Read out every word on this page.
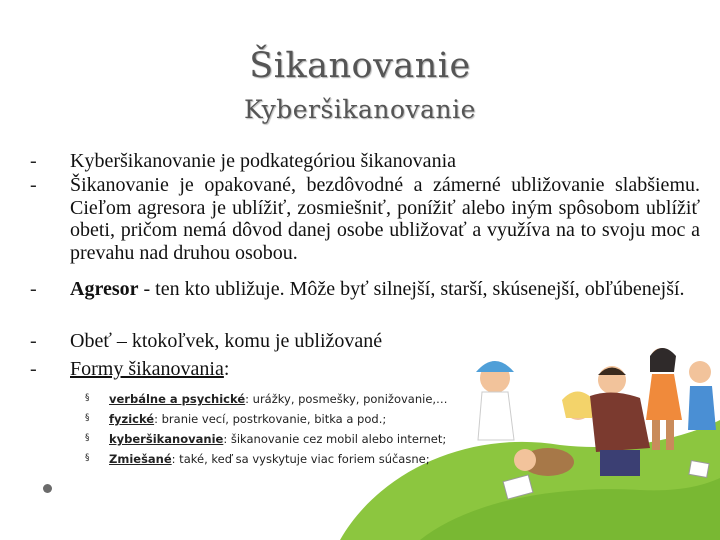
Šikanovanie
Kyberšikanovanie
- Kyberšikanovanie je podkategóriou šikanovania
- Šikanovanie je opakované, bezdôvodné a zámerné ubližovanie slabšiemu. Cieľom agresora je ublížiť, zosmiešniť, ponížiť alebo iným spôsobom ublížiť obeti, pričom nemá dôvod danej osobe ubližovať a využíva na to svoju moc a prevahu nad druhou osobou.
- Agresor - ten kto ubližuje. Môže byť silnejší, starší, skúsenejší, obľúbenejší.
- Obeť – ktokoľvek, komu je ubližované
- Formy šikanovania:
§ verbálne a psychické: urážky, posmešky, ponižovanie,…
§ fyzické: branie vecí, postrkovanie, bitka a pod.;
§ kyberšikanovanie: šikanovanie cez mobil alebo internet;
§ Zmiešané: také, keď sa vyskytuje viac foriem súčasne;
